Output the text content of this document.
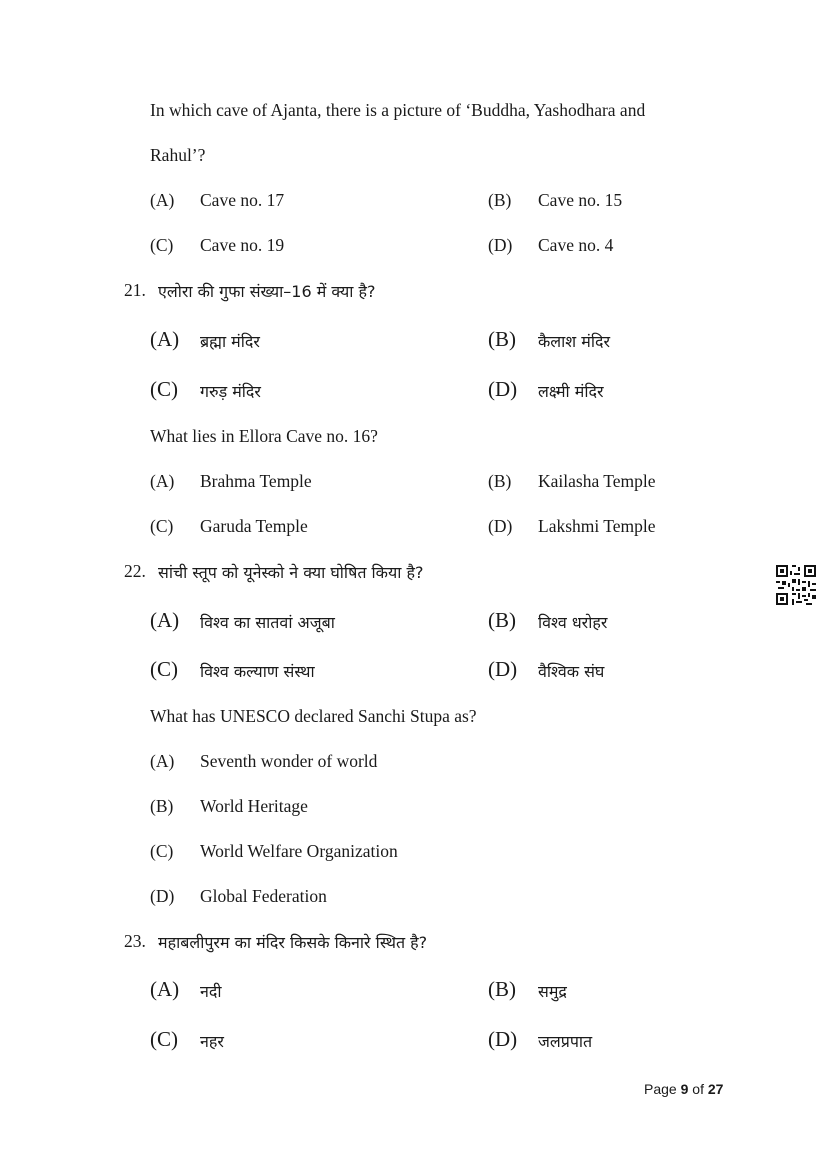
In which cave of Ajanta, there is a picture of ‘Buddha, Yashodhara and
Rahul’?
(A) Cave no. 17	(B) Cave no. 15
(C) Cave no. 19	(D) Cave no. 4
21. एलोरा की गुफा संख्या–16 में क्या है?
(A) ब्रह्मा मंदिर	(B) कैलाश मंदिर
(C) गरुड़ मंदिर	(D) लक्ष्मी मंदिर
What lies in Ellora Cave no. 16?
(A) Brahma Temple	(B) Kailasha Temple
(C) Garuda Temple	(D) Lakshmi Temple
22. सांची स्तूप को यूनेस्को ने क्या घोषित किया है?
(A) विश्व का सातवां अजूबा	(B) विश्व धरोहर
(C) विश्व कल्याण संस्था	(D) वैश्विक संघ
What has UNESCO declared Sanchi Stupa as?
(A) Seventh wonder of world
(B) World Heritage
(C) World Welfare Organization
(D) Global Federation
23. महाबलीपुरम का मंदिर किसके किनारे स्थित है?
(A) नदी	(B) समुद्र
(C) नहर	(D) जलप्रपात
Page 9 of 27
